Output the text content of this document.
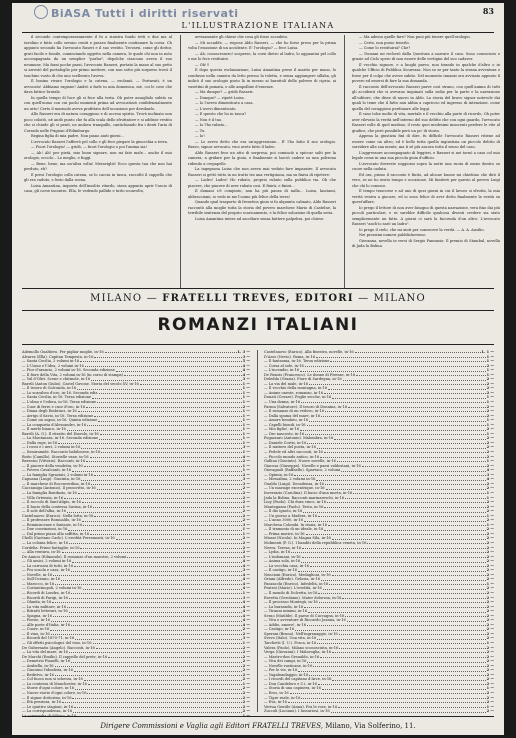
BiASA Tutti i diritti riservati	83
L'ILLUSTRAZIONE ITALIANA

il secondo contemporaneamente il fu a sinistra fondo tetti e due ma al tavolino e fatto collo sevono ceniti e passeo finalmente continuare la corsa. Ch appunto secondo ha l'avvocato Raseri e il suo vestito. Trovarsi, come gli dottor, grati facile e fossile, cominciando oggetto nella camera, le quale chi non in noto accompagnata da un semplice "parlar", depolche ciascuno aveva il suo neumone. Ma farai poche passi, l'avvocato Rasseri, portata la mano al suo petto si arrestò del portafoglio per primo mettere, con non sotto più sorpreso trovò il taschino vuoto di che uno scellerato l'aveva.

Il busino rivaro l'orologio e la catena, — esclamò. — Portavati, è un avvocato! Abbiamo ragione! Andrò a farle in mia domenica, mè, coi le cose che dava fattice brutale.

In quella tempo di luce gli si fece alla testa. Oh poter assugliolo subito su con quell'uomo con cui pochi momenti prima ad avvocatizzò confidenzialmente un urto! Certo il mariuolo aveva profittato dell'occasione per derubarlo.

Allo Rasseri era di natura coraggioso e di accesa spirito. Trovò inclinato non poco coloitò, nè andò punto che fu alla scala dello sfruttatore e si addisse vestito che si chiude gli si pentì, ne andava tranquillo, cantichiando fra i denti l'aria di Corrado nelle Prigioni d'Edimburgo:

Regina figlia di mia padre, Non piano aiuti giorni...

L'avvocato Rasseri l'afferrò pel collo e gli fece piegare la ginocchia a terra.

— Fuori l'orologio! — gridò, — fuori l'orologio o poi l'anima sia!

— Ah! Ah! per pietà, mio buon signore, non mi fate male... anche il mio orologio, eccolo... Lo meglio, e fuggì.

— Bene, bene, ma un'altra volta! Meravigliò! Ecco questa tua che non hai perduto, eh?

E presi l'orologio colla catena, se lo caccia in tasca, raccoltò il cappello che gli era caduto, e lesto dalla scena.

Luisa Amantina, inquieta dell'insolito ritardo, stava appunto aprir l'uscio di casa, gli corse incontro. Ella, le vedendo pallido e tutto sconvolto,

avvisamente gli chiese che cosa gli fosse accaduto.

— Mi accadde, — rispose Aldo Rasseri, — che ho forse preso per la prima volta l'emozione di un accidente. E' l'orologio? — fece Luisa.

— Ah, conoscessero! scoperse, la corsi dietro al ladro, lo agguantai pel collo e me lo fece restituire.

— Oh!!!

E dopo questa esclamazione, Luisa Amantina prese il marito per mano, lo condusse nella camera da letto presso la toletta, e senza aggiungere sillaba, gli indicò il suo orologio posto là in mezzo ai barattoli della polvere di cipria, ai vasettini di pomata, e alle ampolline d'essenze.

— Ma dunque? — gridò Rasseri.

— Dunque? — ripetè Luisa.

— Io l'avevo dimenticato a casa.

— L'avevi dimenticato.

— E questo che ho in tasca?

— Non è il tuo.

— Io l'ho rubato...

— Tu.

— Io!

— Lo avevo detto che era un'aggressione... E' l'ho fatto il suo orologio. Bravo, signor avvocato, vuoi avete fatto il ladro.

Aldo Rasseri fece un atto di sorpresa, poi cominciò a spiccar salti per la camera, a gridare per la gioia, e finalmente si lasciò cadere su una poltrona ridendo a crepapelle.

La ingegnosa Luisa che non aveva mai veduto fare impazzire. Il avvocato Rasseri si gettò tutto in un tratto tra una vertiginosa, ma su finiva di ripetere:

— Ladro! Ladro! Ho rubato, proprio rubato sulla pubblica via. Oh che piacere, che piacere di aver rubato cosi. E finirà, e finirà...

Il domani s'è compiuto, non ha più paura di nulla... Luisa, lasciami, abbracciami, io vedo in me l'uomo più felice della terra!

Quando qual trasporto di frenetica gioia si fu alquanto calmato, Aldo Rasseri raccontò alla moglie tutta la storia del povero marchese Mario di Castelne, la terribile sentenza del proprio scaricamento, e la felice soluzione di quella seria.

Luisa Amantina intese ad ascoltare senza battere palpebra, poi chiese:

— Ma adesso quelle fare? Non puoi più tenere quell'orologio.

— Certo, non posso tenerlo.

— Come lo restituirai? Che?

— Domani mi recherò dalla Questura a narrare il caso. Sono conosciuto e grazie ad Ciclo spero di non essere delle vertigini del suo cadaver.

Il vecchio signore, e a luoghi pareo, non tirando in qualche d'altro o in qualche Ufficio di Pubblica Sicurezza. Non so se per tanto la strana avventura o forse per il colpo che aveva subito. Nel momento innanzi ora avvisato appunto il povero ed essersi di fare la sua domanda.

Il racconto dell'avvocato Rasseri parve così strano, con quell'anima di tutti gli accidenti che si avevano inquinati sulla sedia per la parte e la narrazione all'uditore, che disse di nuovo in Aldo. La storia del bravo signor notevole dai quali lo teme che il fatto non abbia a capriccio ed ingresso di intenzione, come quella del coraggioso perdonare alle leggi.

Il caso tolse molto di vita, mortale e il vecchio alla parte di ricordo, Oh poter aver rilevato la verità nell'interno del suo delitto che con ogni guardo, l'avvocato Rasseri volle di quel mattino, il resto quei medesimi innocenti perdere le vite al giudice, che però possibile però un po' di storia.

Appena la giustizia finì di dire, fu difficile l'avvocato Rasseri ritiene ad essere come un altro; ed è bello tutta quella ingiustizia un piccolo delitto di sorridere alla sua mente, ma ti sé più ancora tutta il senso del caso.

L'aggressore accompagnato di leggieri, e Rasseri si nei tornò a casa col mio legale come in una sua piccola gioia d'ufficio.

L'avvocato dovreste soggiorni sopra la notte una ruota di meno dentro su cuore nella caduta.

Ed ora, primo il racconto è finito, ad alcune buone mi chiedono che dirò il vero, se ne ho avuto tempo e occasione. Mi limiterò per questo al povero Luigi che chi lo conosce.

Il tempo trascorse e ad uno di quei giorni in cui il lavoro si sfrutta, la mia verità veniva a giocare, ed io sono felice di aver detto finalmente la verità su quest'affare.

Io prego il lettore di non aver bisogno di questa narrazione, vera fino dai più piccoli particolari, e se sarebbe difficile qualcosa diventi credere sia stato semplicemente un fatto. A giorni ci sarà la faccenda d'un altro: L'avvocato Rasseri "anch'io sarò un ladro".

Io prego il cielo, che mi aiuti per conoscere la verità. — A. A. Ausilio.

Nei prossimi numeri pubblicheremo:

Giovanna, novella in versi di Sergio Panunzio: Il premio di Stambul, novella di Jada la Bolina.

MILANO — FRATELLI TREVES, EDITORI — MILANO
ROMANZI ITALIANI
Ademollo Gualtiero. Per pigliar moglie, in-16	L. 3 —
Alvarez (Ella). Capitan Tempesta, in-16	3 —
— Santa Cecilia, 2 volumi in-16	5 —
— L'Uomo e l'Idea, 2 volumi in-16	4 —
— Fior d'arancio, 2 volumi in-16. Seconda edizione	4 —
— Il fiore della Vita, 2 volumi in-16 (in corso di stampa)	4 —
— Val d'Olivi. Scene e chitinole, in-16	3 —
Barrili (Anton Giulio). Castel Gavone. Storia del secolo XV, in-16	1 —
— Il tesoro di Golconda, in-16	1 —
— Lo scarabeo d'oro, in-16. Seconda ediz.	1 —
— Santa Cecilia, in-16. Terza edizione	1 —
— L'olmo e l'edera, in-16. Terza edizione	1 —
— Cuor di ferro e cuor d'oro, in-16	2 —
— Diana degli Embriaci, in-16	1 —
— Arrigo il Savio, in-16. Terza edizione	1 —
— Come un sogno, in-16. Quinta edizione	1 —
— La conquista d'Alessandro, in-16	1 —
— Il merlo bianco, in-16	1 —
Barrili (A. G.). Il ritratto del Diavolo, in-16	1 —
— La Montanara, in-16. Seconda edizione	1 —
— Dalla rupe, in-16	1 —
— I rossi e i neri, 2 volumi in-16	3 —
— Semiramide. Racconto babilonese, in-16	1 —
Boito (Camillo). Storielle vane, in-16	4 —
Bersezio (Vittorio). Racconti, in-16	2 —
— Il piacere della vendetta, in-16	1 —
— Povero Cavalcanti, in-16	1 —
— La famiglia Sgraziati, 2 volumi in-16	2 —
Capuana (Luigi). Giacinta, in-16	3 —
— Il marchese di Roccaverdina, in-16	3 —
Caccianiga (Antonio). Il proscritto, in-16	2 —
— La famiglia Bonifazio, in-16	2 —
— Villa Ortensia, in-16	2 —
— Il roccolo di Sant'Alipio, in-16	2 —
— Il bacio della contessa Savina, in-16	1 —
— Il sole dell'alba, in-16	2 —
Castelnuovo (Enrico). Nella lotta, in-16	2 —
— Il professore Romualdo, in-16	2 —
— Reminiscenze e fantasie, in-16	3 —
— Due convinzioni, in-16	1 —
— Dal primo piano alla soffitta, in-16	1 —
Chelli (Gaetano Carlo). L'eredità Ferramonti, in-16	2 —
— La colonia felice, in-16	2 —
Cordelia. Prime battaglie, in-16	2 —
— Alla ventura, in-16	2 —
De Amicis (Edmondo). Il romanzo d'un maestro, 2 volumi	3 —
— Gli amici, 2 volumi in-16	4 —
— La carrozza di tutti, in-16	4 —
— Fra scuola e casa, in-16	3 —
— Novelle, in-16	4 —
— Sull'Oceano, in-16	4 —
— Marocco, in-16	4 —
— Costantinopoli, 2 volumi in-16	4 —
— Ricordi di Londra, in-16	1 —
— Ricordi di Parigi, in-16	3 —
— Olanda, in-16	4 —
— La vita militare, in-16	4 —
— Ritratti letterari, in-16	4 —
— Spagna, in-16	4 —
— Poesie, in-16	4 —
— Alle porte d'Italia, in-16	4 —
— Cuore, in-16	2 —
— Il vino, in-16	2 —
— Ricordi del 1870-71, in-16	3 —
— Gli effetti psicologici del vino, in-16	1 —
De Gubernatis (Angelo). Racconti, in-16	2 —
— La vita del mare, in-16	2 —
De Marchi (Emilio). Il cappello del prete, in-16	2 —
— Demetrio Pianelli, in-16	2 —
— Arabella, in-16	2 —
— Giacomo l'idealista, in-16	2 —
— Redivivo, in-16	2 —
— Col fuoco non si scherza, in-16	2 —
— La contessa di Manchester, in-16	1 —
— Storie d'ogni colore, in-16	2 —
— Nuove storie d'ogni colore, in-16	2 —
— Il signor dottorino, in-16	2 —
— Età preziosa, in-16	2 —
— Le quattro stagioni, in-16	2 —
— La corrispondenza, in-16	2 —
La commedia di Milano, in-16	1 —
Castelnuovo (Enrico). Alla finestra, novelle, in-16	L. 1 —
D'Arzo (Nevio). Roma, in-16	1 —
— Il fantasma, in-16. Terza edizione	1 —
— Corsa al sole, in-16	2 —
— L'incendio, in-16	1 —
De Renzis (Francesco). Le donne di Firenze, in-16	1 —
Deledda (Grazia). Fiore di Sardegna, in-16	2 —
— La via del male, in-16	2 —
— Il vecchio della montagna, in-16	2 —
— Anime oneste, romanzo, in-16	2 —
Donati (Cesare). Foglie secche, in-16	1 —
— Una donna, in-16	1 —
Farina (Salvatore). Il tesoro di Donnina, in-16	2 —
— Il romanzo di un vedovo, in-16	2 —
— Dalla spuma del mare, in-16	2 —
— Amore bendato, in-16	1 —
— Capelli biondi, in-16	1 —
— Mio figlio!, in-16	2 —
— Oro nascosto, in-16	1 —
Fogazzaro (Antonio). Malombra, in-16	2 —
— Daniele Cortis, in-16	2 —
— Il mistero del poeta, in-16	2 —
— Fedele ed altri racconti, in-16	2 —
— Piccolo mondo antico, in-16	2 —
Gallina (Giacinto). Nuove novelle, in-16	1 —
Giacosa (Giuseppe). Novelle e paesi valdostani, in-16	2 —
Giovagnoli (Raffaello). Spartaco, 2 volumi	4 —
— Opimia, in-16	3 —
— Messalina, 2 volumi in-16	4 —
Gualdo (Luigi). Decadenza, in-16	2 —
— Un mariage excentrique, in-16	2 —
Invernizio (Carolina). Il bacio d'una morta, in-16	1 —
Jada la Bolina. Racconti marinareschi, in-16	1 —
Lioy (Paolo). Chi dura vince, in-16	2 —
Mantegazza (Paolo). Testa, in-16	2 —
— Il dio ignoto, in-16	2 —
— Un giorno a Madera, in-16	1 —
— L'anno 3000, in-16	2 —
Marchesa Colombi. In risaia, in-16	1 —
— Il tramonto di un ideale, in-16	2 —
— Prima morire, in-16	2 —
Misasi (Nicola). In Magna Sila, in-16	2 —
Molmenti (P. G.). I banditi della repubblica veneta, in-16	2 —
Neera. Teresa, in-16	2 —
— Lydia, in-16	2 —
— L'indomani, in-16	2 —
— Anima sola, in-16	2 —
— La vecchia casa, in-16	2 —
— Il castigo, in-16	2 —
Nencioni (Enrico). Medaglioni, in-16	2 —
Oriani (Alfredo). Gelosia, in-16	2 —
Panzacchi (Enrico). Infedeltà, in-16	1 —
Pratesi (Mario). L'eredità, in-16	2 —
— Il mondo di Dolcetta, in-16	2 —
Rovetta (Gerolamo). Mater dolorosa, in-16	2 —
— Il processo Montegù, in-16	2 —
— La baraonda, in-16	2 —
— Tiranni minimi, in-16	2 —
Serao (Matilde). Il paese di Cuccagna, in-16	2 —
— Vita e avventure di Riccardo Joanna, in-16	2 —
— Addio, amore!, in-16	2 —
— Castigo, in-16	2 —
Sperani (Bruno). Nell'ingranaggio, in-16	2 —
Svevo (Italo). Una vita, in-16	2 —
Tarchetti (I. U.). Fosca, in-16	1 —
Valera (Paolo). Milano sconosciuta, in-16	2 —
Verga (Giovanni). I Malavoglia, in-16	2 —
— Mastro-don Gesualdo, in-16	2 —
— Vita dei campi, in-16	2 —
— Novelle rusticane, in-16	2 —
— Per le vie, in-16	2 —
— Vagabondaggio, in-16	2 —
— I ricordi del capitano d'Arce, in-16	2 —
— Don Candeloro e C.i, in-16	2 —
— Storia di una capinera, in-16	1 —
— Eros, in-16	2 —
— Tigre reale, in-16	2 —
— Eva, in-16	2 —
Vertua Gentile (Anna). Fra le rose, in-16	1 —
Zuccoli (Luciano). I lussuriosi, in-16	2 —
Dirigere Commissioni e Vaglia agli Editori FRATELLI TREVES, Milano, Via Solferino, 11.
